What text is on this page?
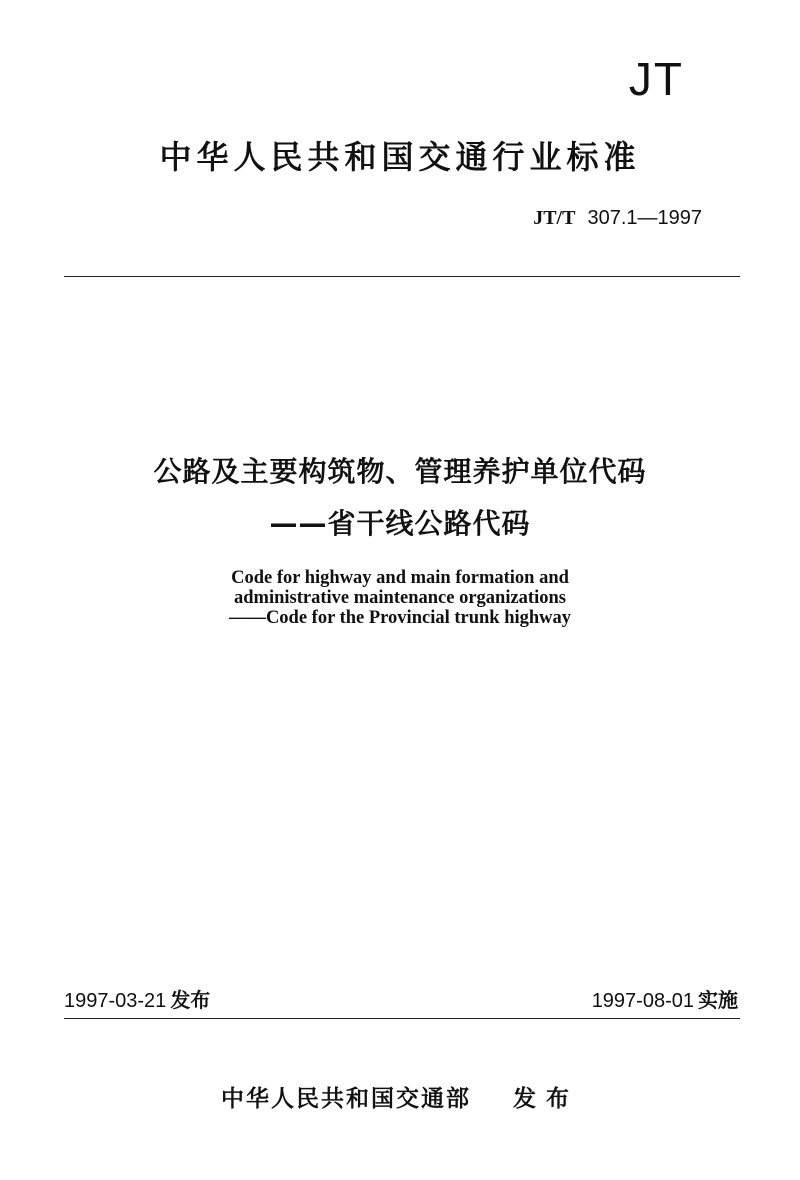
JT
中华人民共和国交通行业标准
JT/T 307.1—1997
公路及主要构筑物、管理养护单位代码
——省干线公路代码
Code for highway and main formation and
administrative maintenance organizations
——Code for the Provincial trunk highway
1997-03-21 发布	1997-08-01 实施
中华人民共和国交通部 发布
